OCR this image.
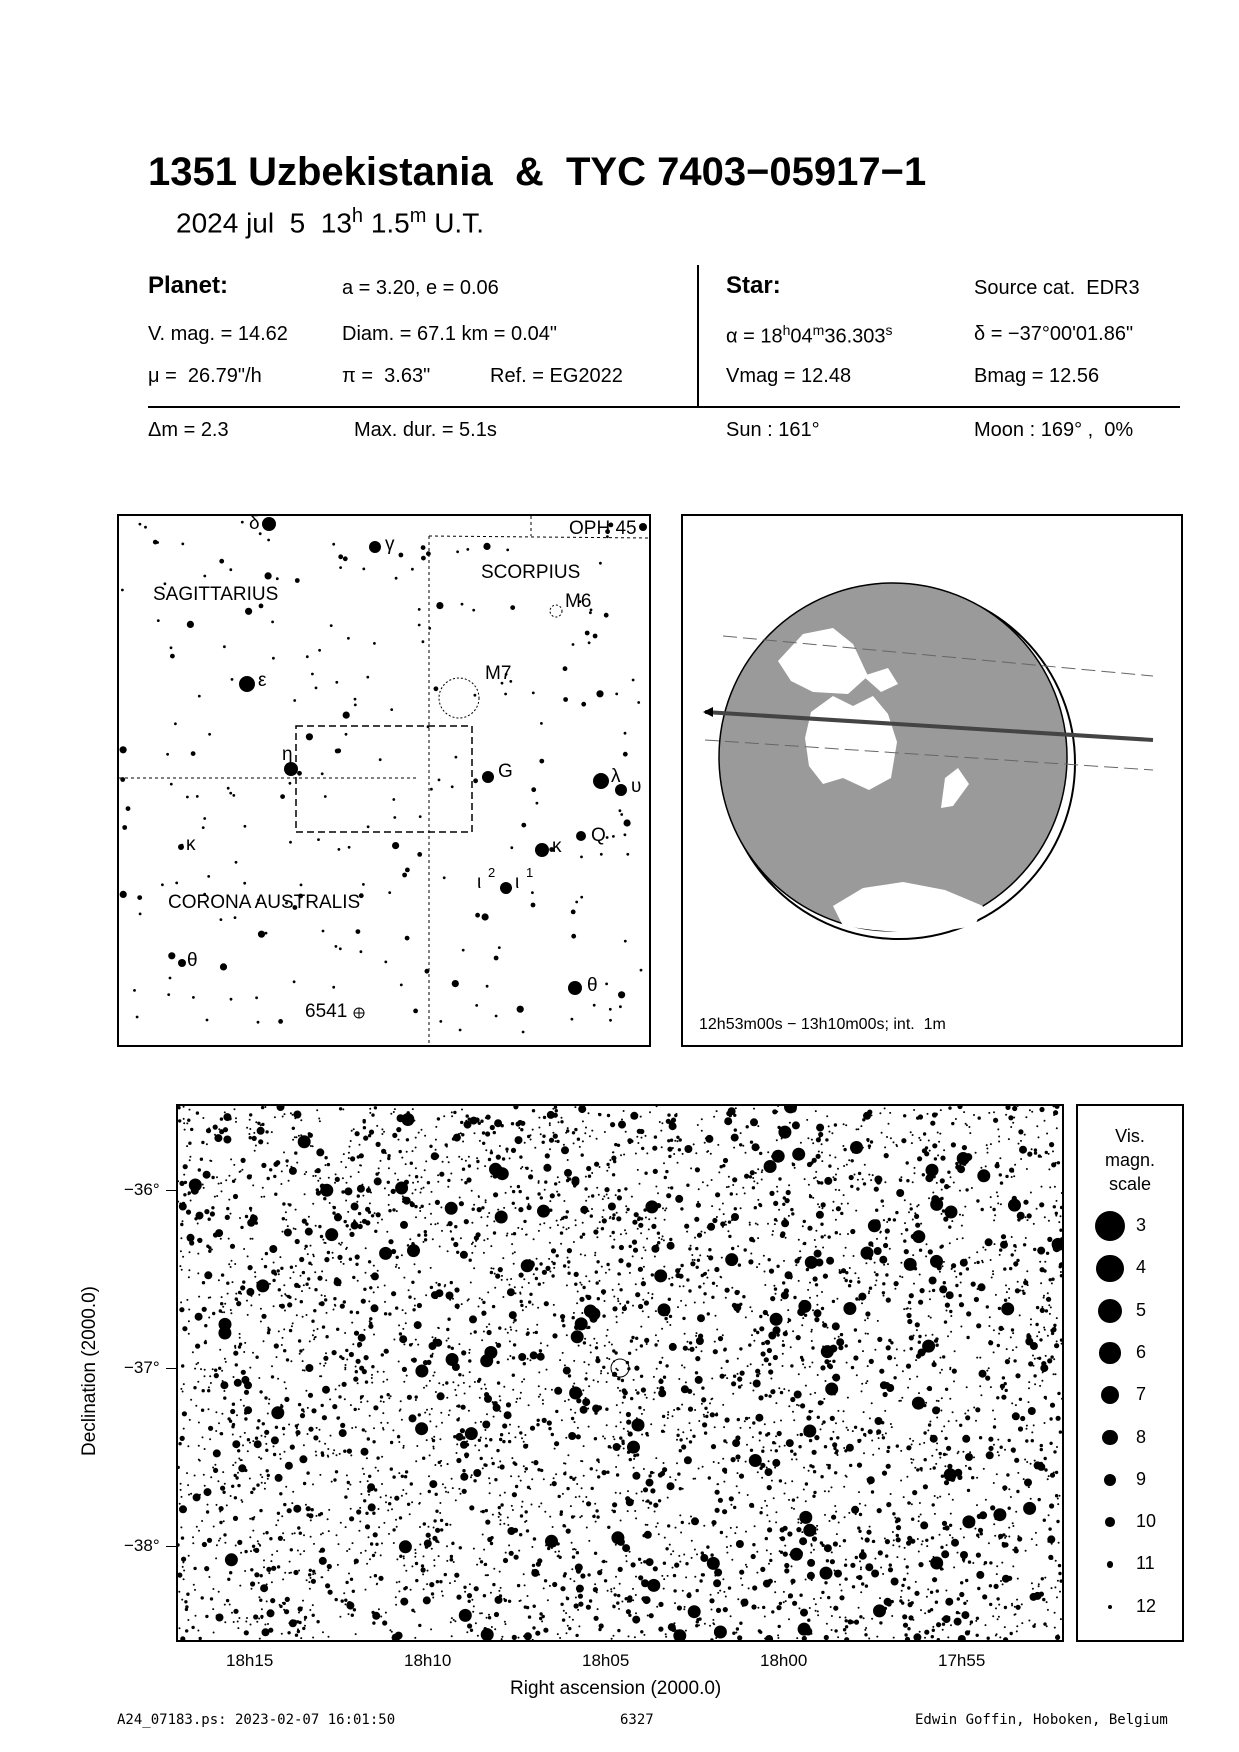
1351 Uzbekistania  &  TYC 7403−05917−1
2024 jul  5  13$^h$ 1.5$^m$ U.T.
Planet:	a = 3.20, e = 0.06
V. mag. = 14.62	Diam. = 67.1 km = 0.04"
μ =  26.79"/h	π =  3.63"	Ref. = EG2022
Star:	Source cat.  EDR3
$\alpha = 18^h04^m36.303^s$	δ = −37°00'01.86"
Vmag = 12.48	Bmag = 12.56
Δm = 2.3	Max. dur. = 5.1s	Sun : 161°	Moon : 169° ,  0%
SAGITTARIUS
SCORPIUS
CORONA AUSTRALIS
OPH 45
M6
M7
6541
G
Q
δ
γ
ε
η
κ
θ
λ υ
κ
ι 2 ι 1
θ
12h53m00s − 13h10m00s; int.  1m
−36°
−37°
−38°
18h15	18h10	18h05	18h00	17h55
Right ascension (2000.0)
Declination (2000.0)
Vis.
magn.
scale
3
4
5
6
7
8
9
10
11
12
A24_07183.ps: 2023-02-07 16:01:50	6327	Edwin Goffin, Hoboken, Belgium
